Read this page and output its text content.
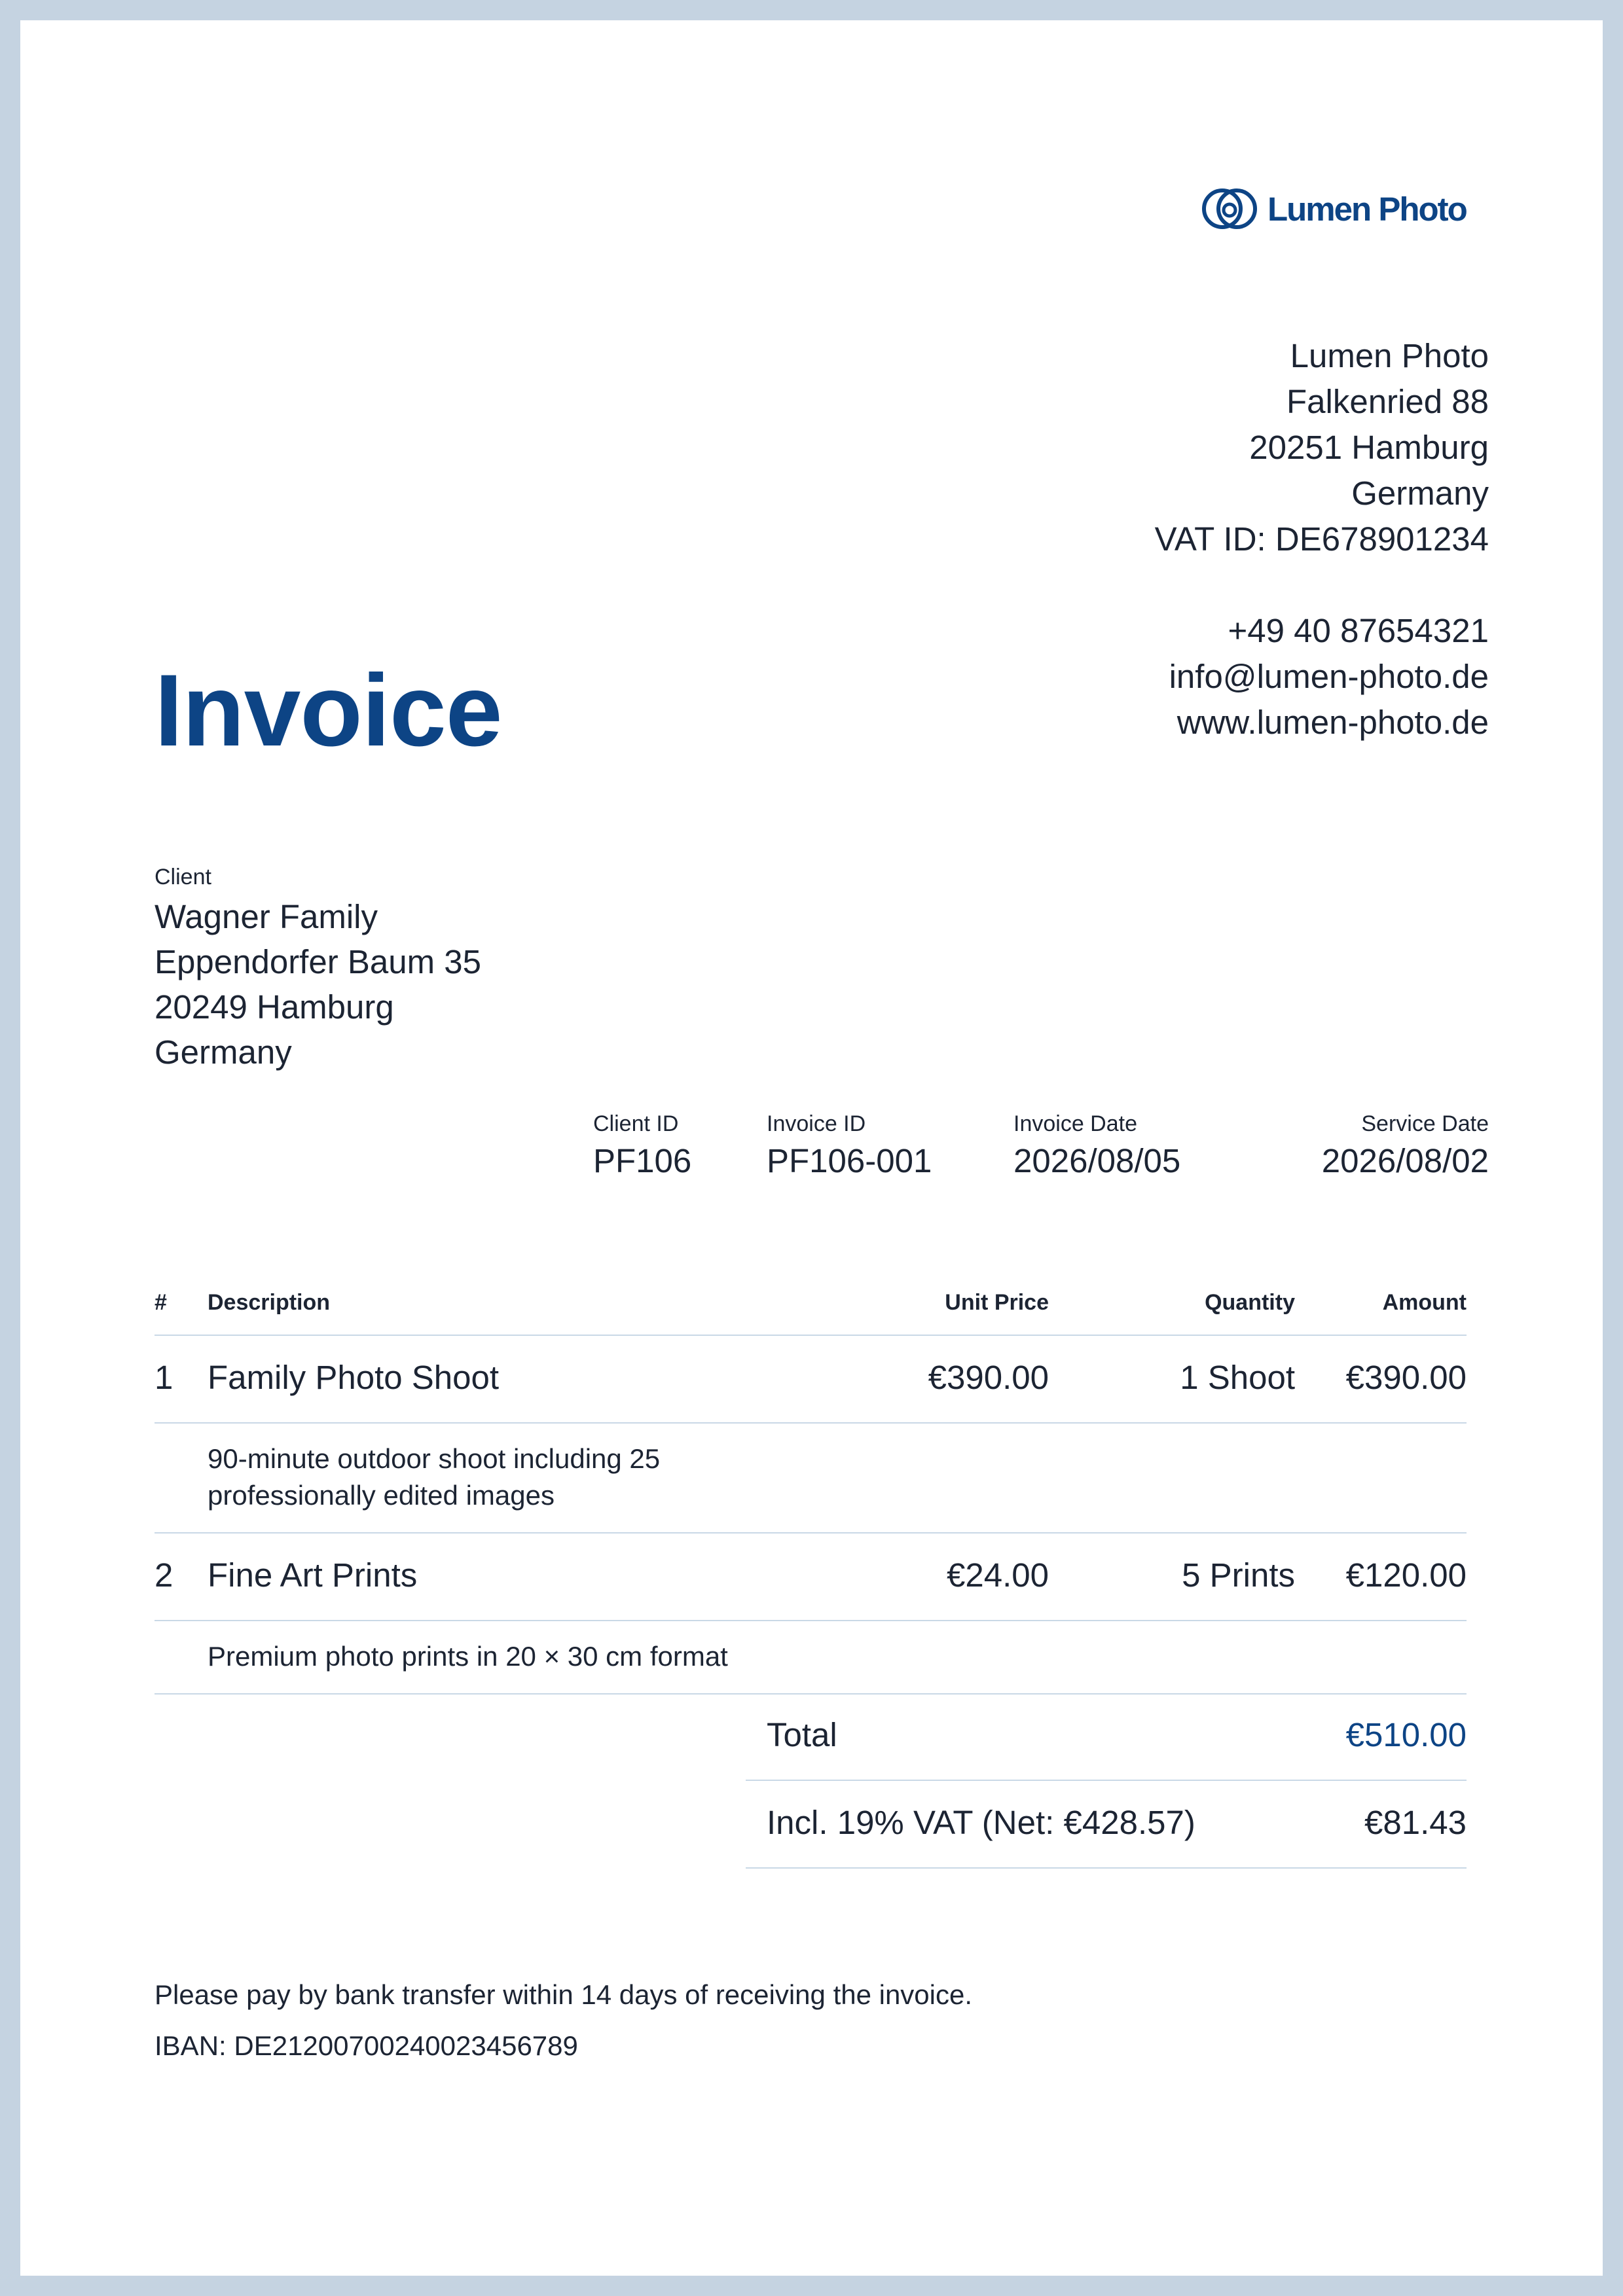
Lumen Photo
Lumen Photo
Falkenried 88
20251 Hamburg
Germany
VAT ID: DE678901234
+49 40 87654321
info@lumen-photo.de
www.lumen-photo.de
Invoice
Client
Wagner Family
Eppendorfer Baum 35
20249 Hamburg
Germany
Client ID
PF106
Invoice ID
PF106-001
Invoice Date
2026/08/05
Service Date
2026/08/02
# Description	Unit Price	Quantity	Amount
1 Family Photo Shoot	€390.00	1 Shoot €390.00
90-minute outdoor shoot including 25
professionally edited images
2 Fine Art Prints	€24.00	5 Prints €120.00
Premium photo prints in 20 × 30 cm format
Total	€510.00
Incl. 19% VAT (Net: €428.57)	€81.43
Please pay by bank transfer within 14 days of receiving the invoice.
IBAN: DE21200700240023456789
